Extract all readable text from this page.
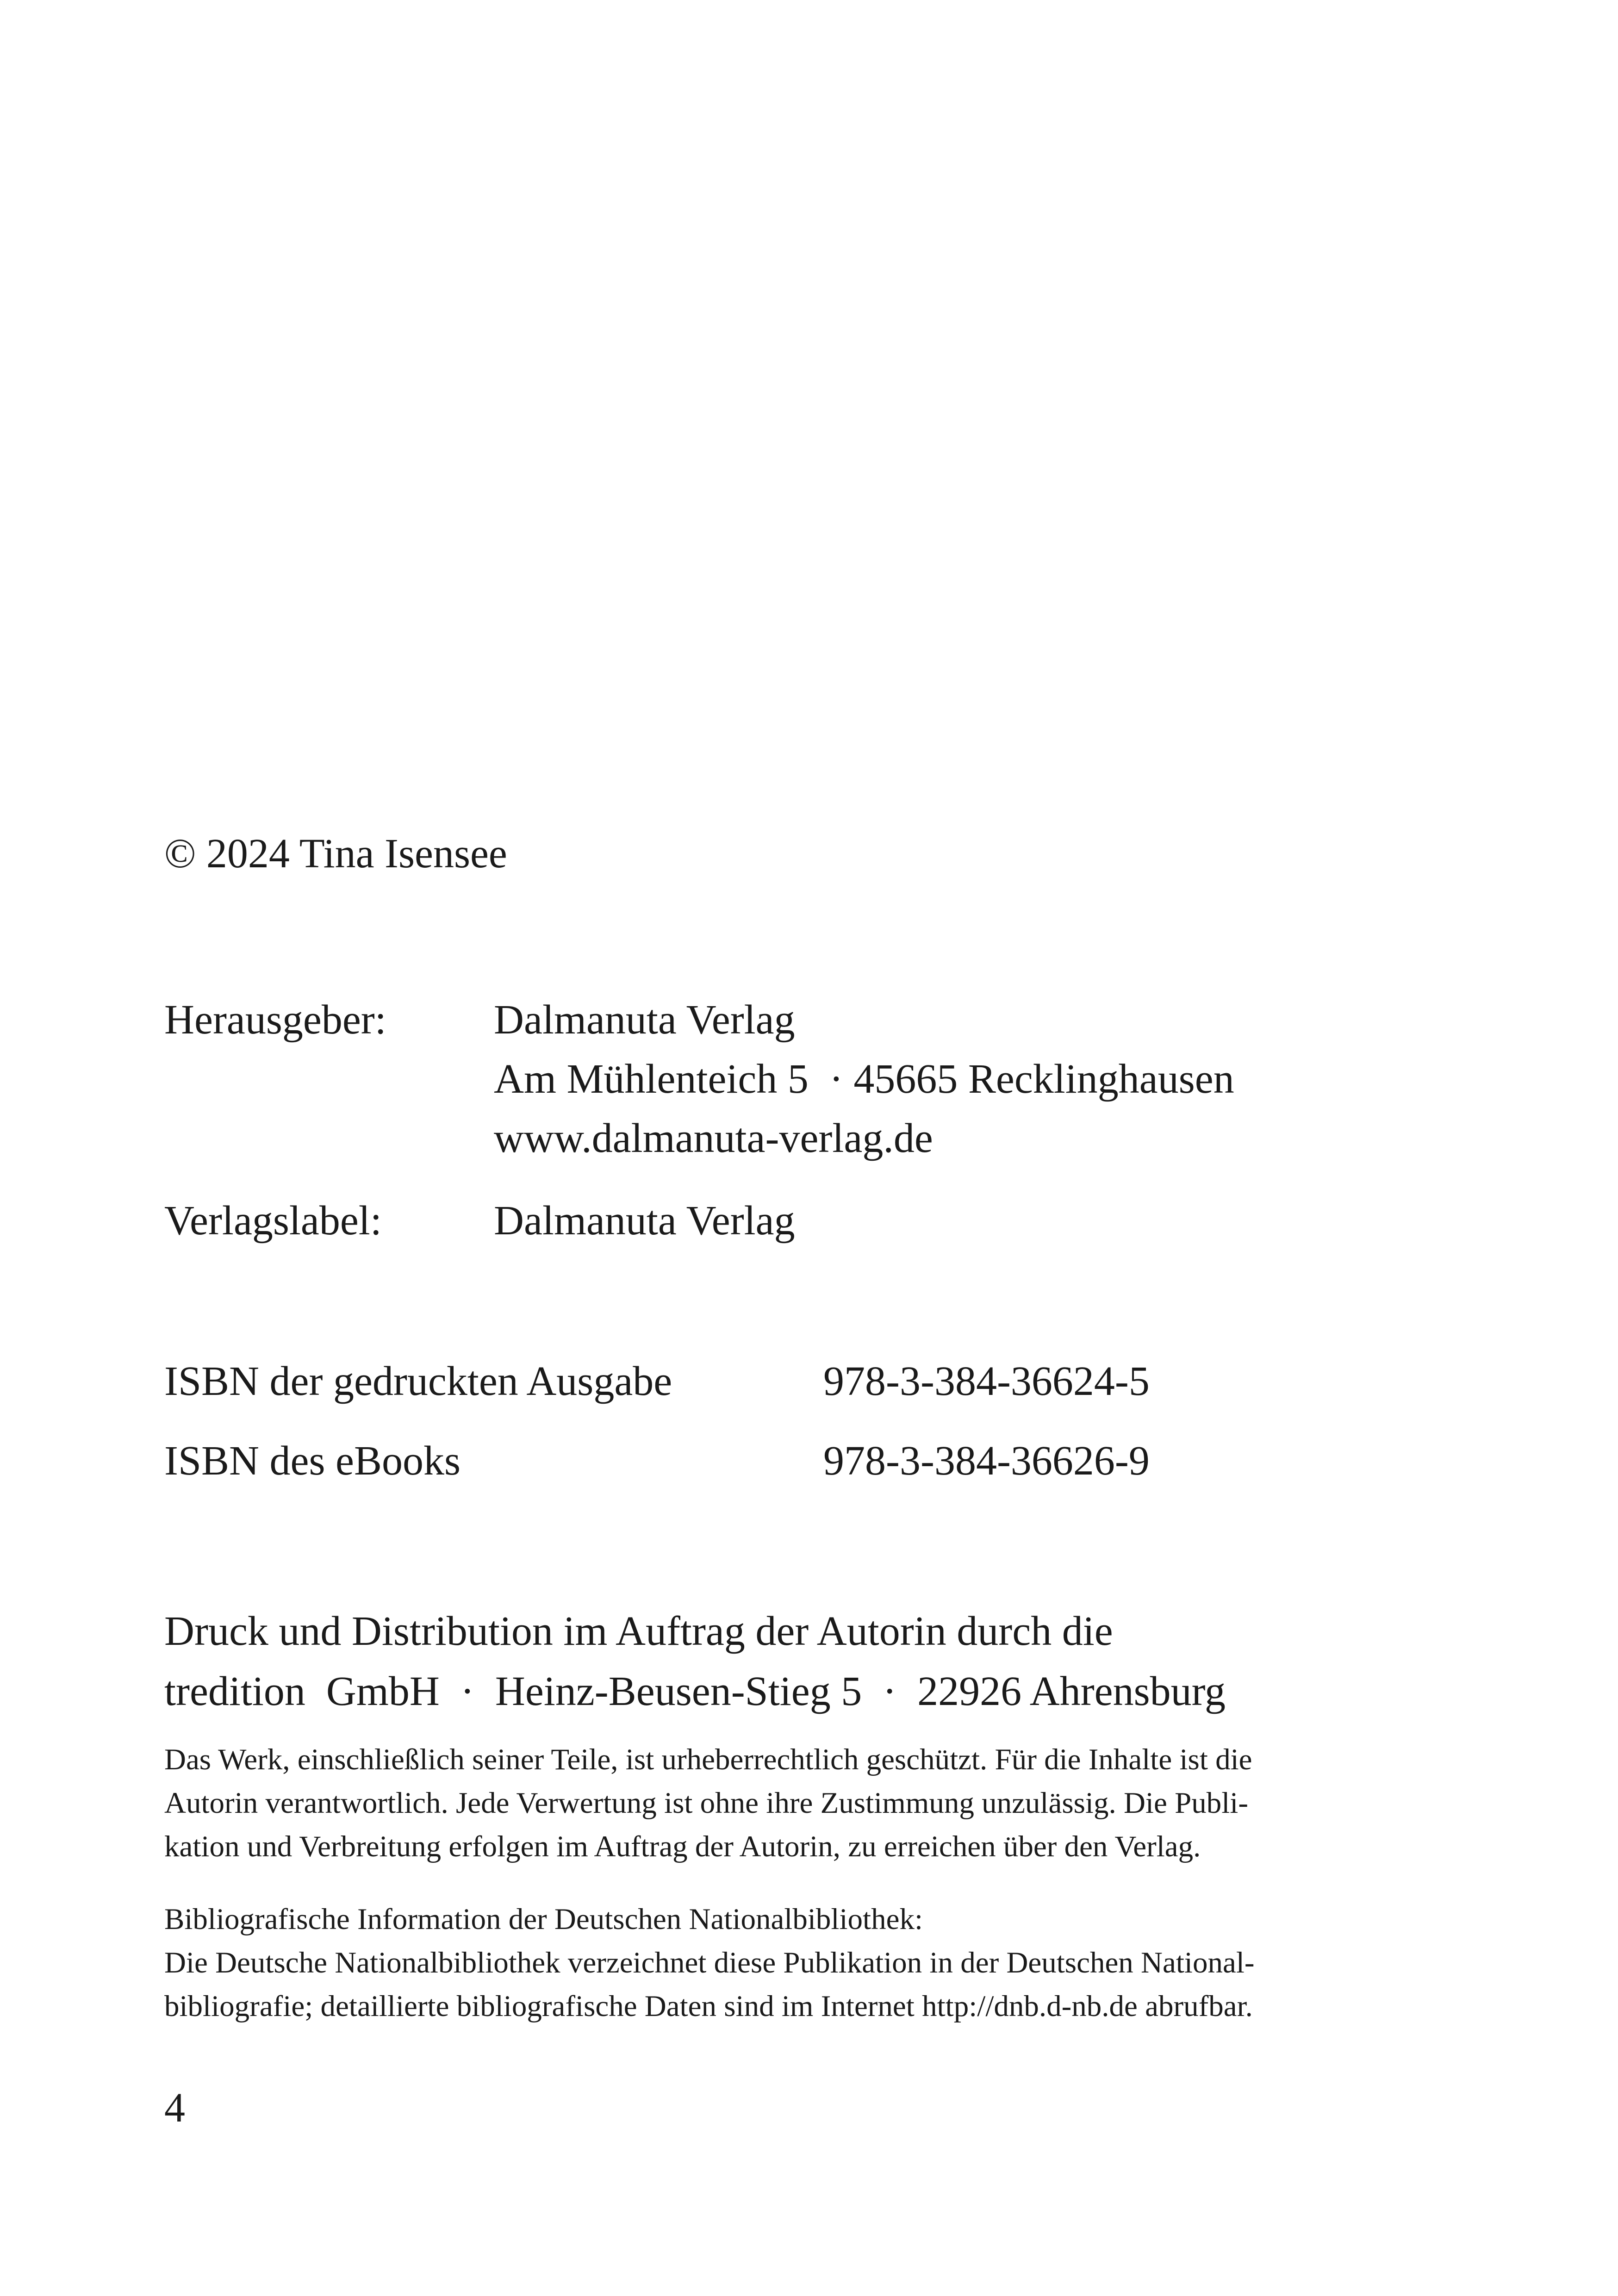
© 2024 Tina Isensee
Herausgeber:	Dalmanuta Verlag
Am Mühlenteich 5  · 45665 Recklinghausen
www.dalmanuta-verlag.de
Verlagslabel:	Dalmanuta Verlag
ISBN der gedruckten Ausgabe	978-3-384-36624-5
ISBN des eBooks	978-3-384-36626-9
Druck und Distribution im Auftrag der Autorin durch die
tredition  GmbH  ·  Heinz-Beusen-Stieg 5  ·  22926 Ahrensburg
Das Werk, einschließlich seiner Teile, ist urheberrechtlich geschützt. Für die Inhalte ist die
Autorin verantwortlich. Jede Verwertung ist ohne ihre Zustimmung unzulässig. Die Publi-
kation und Verbreitung erfolgen im Auftrag der Autorin, zu erreichen über den Verlag.
Bibliografische Information der Deutschen Nationalbibliothek:
Die Deutsche Nationalbibliothek verzeichnet diese Publikation in der Deutschen National-
bibliografie; detaillierte bibliografische Daten sind im Internet http://dnb.d-nb.de abrufbar.
4
